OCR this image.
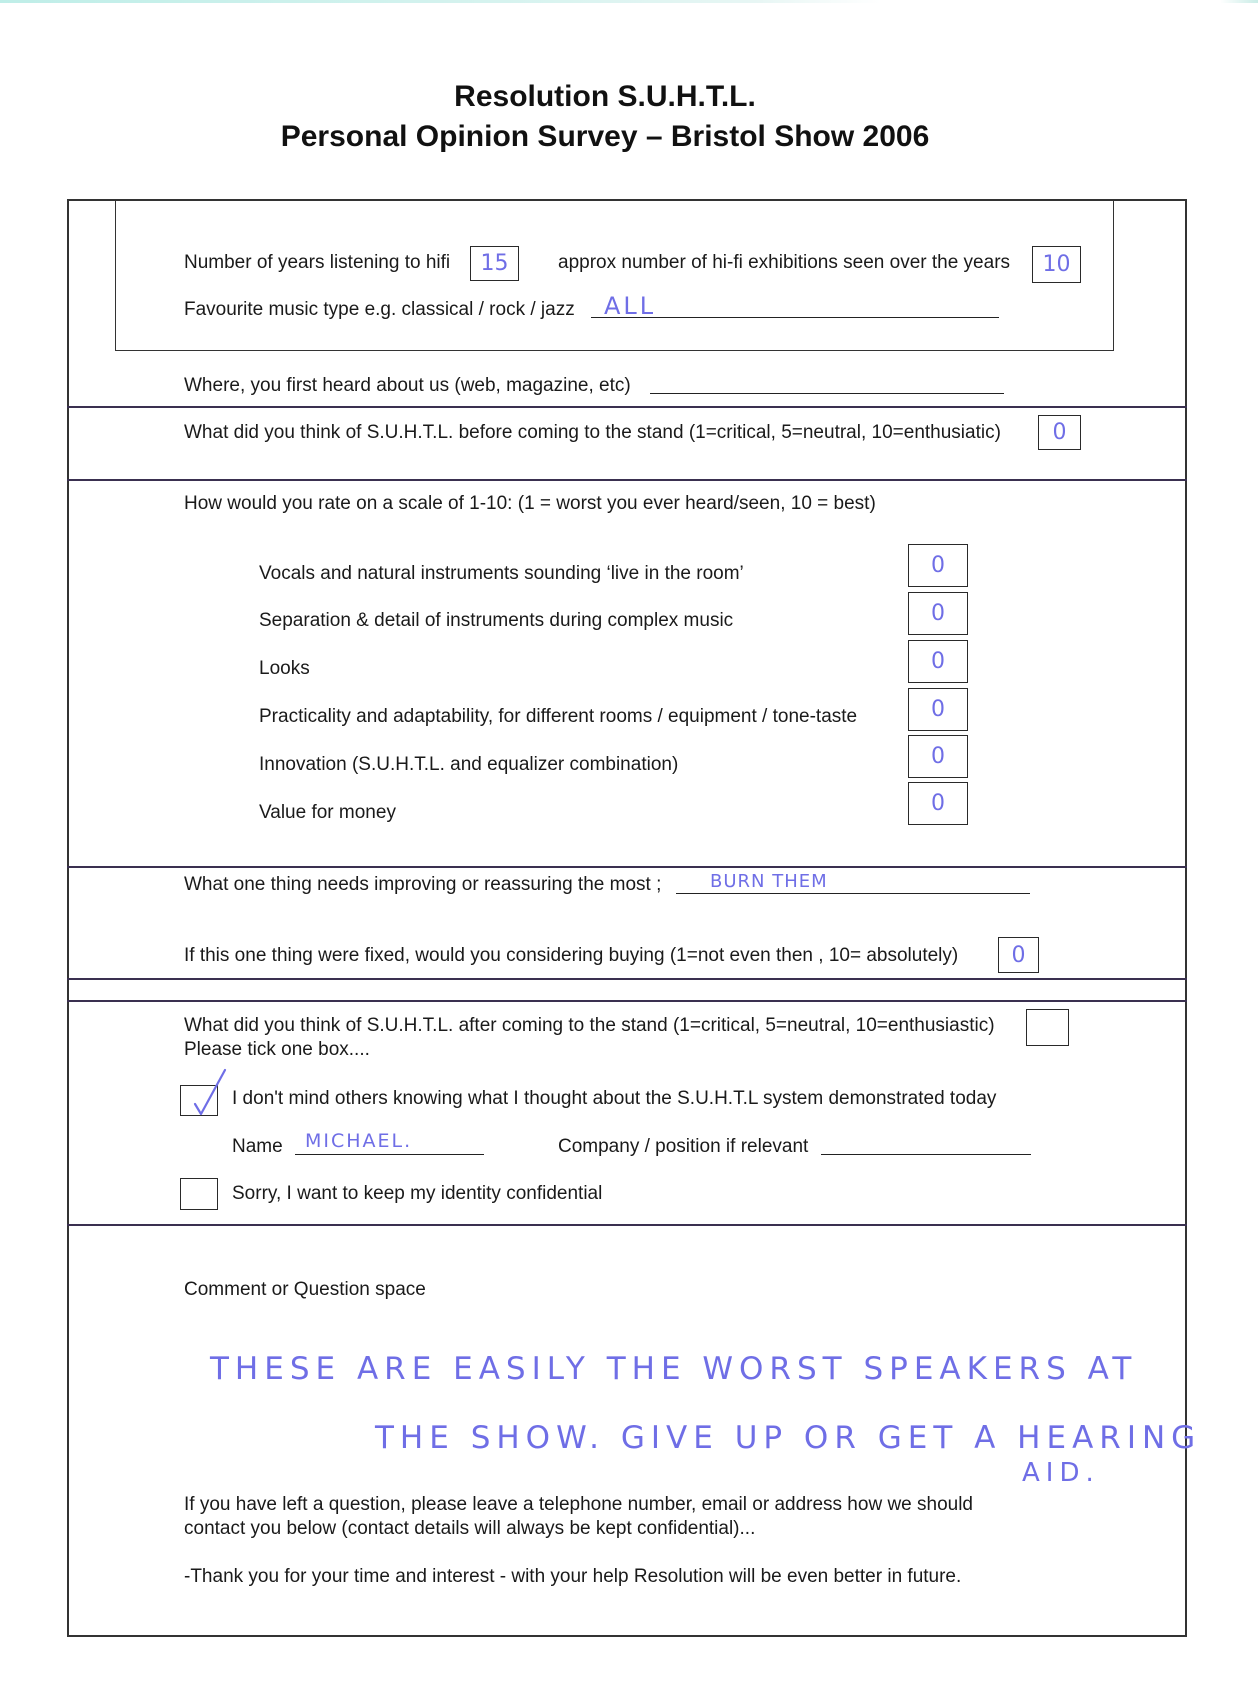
Resolution S.U.H.T.L.
Personal Opinion Survey – Bristol Show 2006
Number of years listening to hifi	15	approx number of hi-fi exhibitions seen over the years	10
Favourite music type e.g. classical / rock / jazz ALL
Where, you first heard about us (web, magazine, etc)
What did you think of S.U.H.T.L. before coming to the stand (1=critical, 5=neutral, 10=enthusiatic)	0
How would you rate on a scale of 1-10: (1 = worst you ever heard/seen, 10 = best)
Vocals and natural instruments sounding ‘live in the room’	0
Separation & detail of instruments during complex music	0
Looks	0
Practicality and adaptability, for different rooms / equipment / tone-taste	0
Innovation (S.U.H.T.L. and equalizer combination)	0
Value for money	0
What one thing needs improving or reassuring the most ;	BURN THEM
If this one thing were fixed, would you considering buying (1=not even then , 10= absolutely)	0
What did you think of S.U.H.T.L. after coming to the stand (1=critical, 5=neutral, 10=enthusiastic)
Please tick one box....
I don't mind others knowing what I thought about the S.U.H.T.L system demonstrated today
Name MICHAEL.	Company / position if relevant
Sorry, I want to keep my identity confidential
Comment or Question space
THESE ARE EASILY THE WORST SPEAKERS AT
THE SHOW. GIVE UP OR GET A HEARING
AID.
If you have left a question, please leave a telephone number, email or address how we should
contact you below (contact details will always be kept confidential)...
-Thank you for your time and interest - with your help Resolution will be even better in future.
